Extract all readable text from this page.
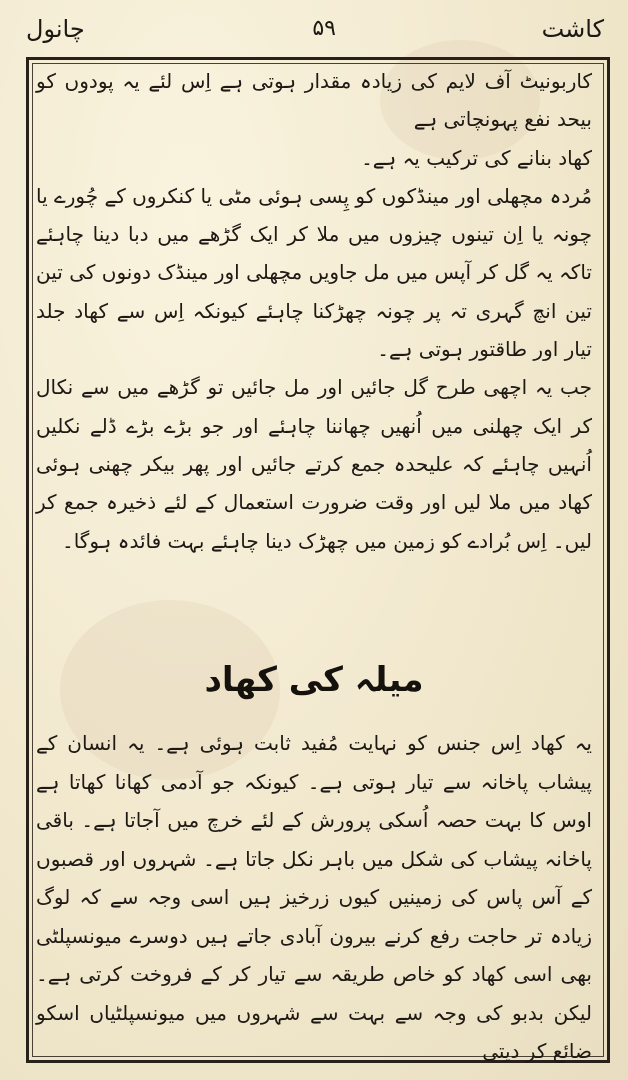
کاشت
۵۹
چانول

کاربونیٹ آف لایم کی زیادہ مقدار ہوتی ہے اِس لئے یہ پودوں کو بیحد نفع پہونچاتی ہے

کھاد بنانے کی ترکیب یہ ہے۔

مُردہ مچھلی اور مینڈکوں کو پِسی ہوئی مٹی یا کنکروں کے چُورے یا چونہ یا اِن تینوں چیزوں میں ملا کر ایک گڑھے میں دبا دینا چاہئے تاکہ یہ گل کر آپس میں مل جاویں مچھلی اور مینڈک دونوں کی تین تین انچ گہری تہ پر چونہ چھڑکنا چاہئے کیونکہ اِس سے کھاد جلد تیار اور طاقتور ہوتی ہے۔

جب یہ اچھی طرح گل جائیں اور مل جائیں تو گڑھے میں سے نکال کر ایک چھلنی میں اُنھیں چھاننا چاہئے اور جو بڑے بڑے ڈلے نکلیں اُنہیں چاہئے کہ علیحدہ جمع کرتے جائیں اور پھر بیکر چھنی ہوئی کھاد میں ملا لیں اور وقت ضرورت استعمال کے لئے ذخیرہ جمع کر لیں۔ اِس بُرادے کو زمین میں چھڑک دینا چاہئے بہت فائدہ ہوگا۔

میلہ کی کھاد

یہ کھاد اِس جنس کو نہایت مُفید ثابت ہوئی ہے۔ یہ انسان کے پیشاب پاخانہ سے تیار ہوتی ہے۔ کیونکہ جو آدمی کھانا کھاتا ہے اوس کا بہت حصہ اُسکی پرورش کے لئے خرچ میں آجاتا ہے۔ باقی پاخانہ پیشاب کی شکل میں باہر نکل جاتا ہے۔ شہروں اور قصبوں کے آس پاس کی زمینیں کیوں زرخیز ہیں اسی وجہ سے کہ لوگ زیادہ تر حاجت رفع کرنے بیرون آبادی جاتے ہیں دوسرے میونسپلٹی بھی اسی کھاد کو خاص طریقہ سے تیار کر کے فروخت کرتی ہے۔ لیکن بدبو کی وجہ سے بہت سے شہروں میں میونسپلٹیاں اسکو ضائع کر دیتی
